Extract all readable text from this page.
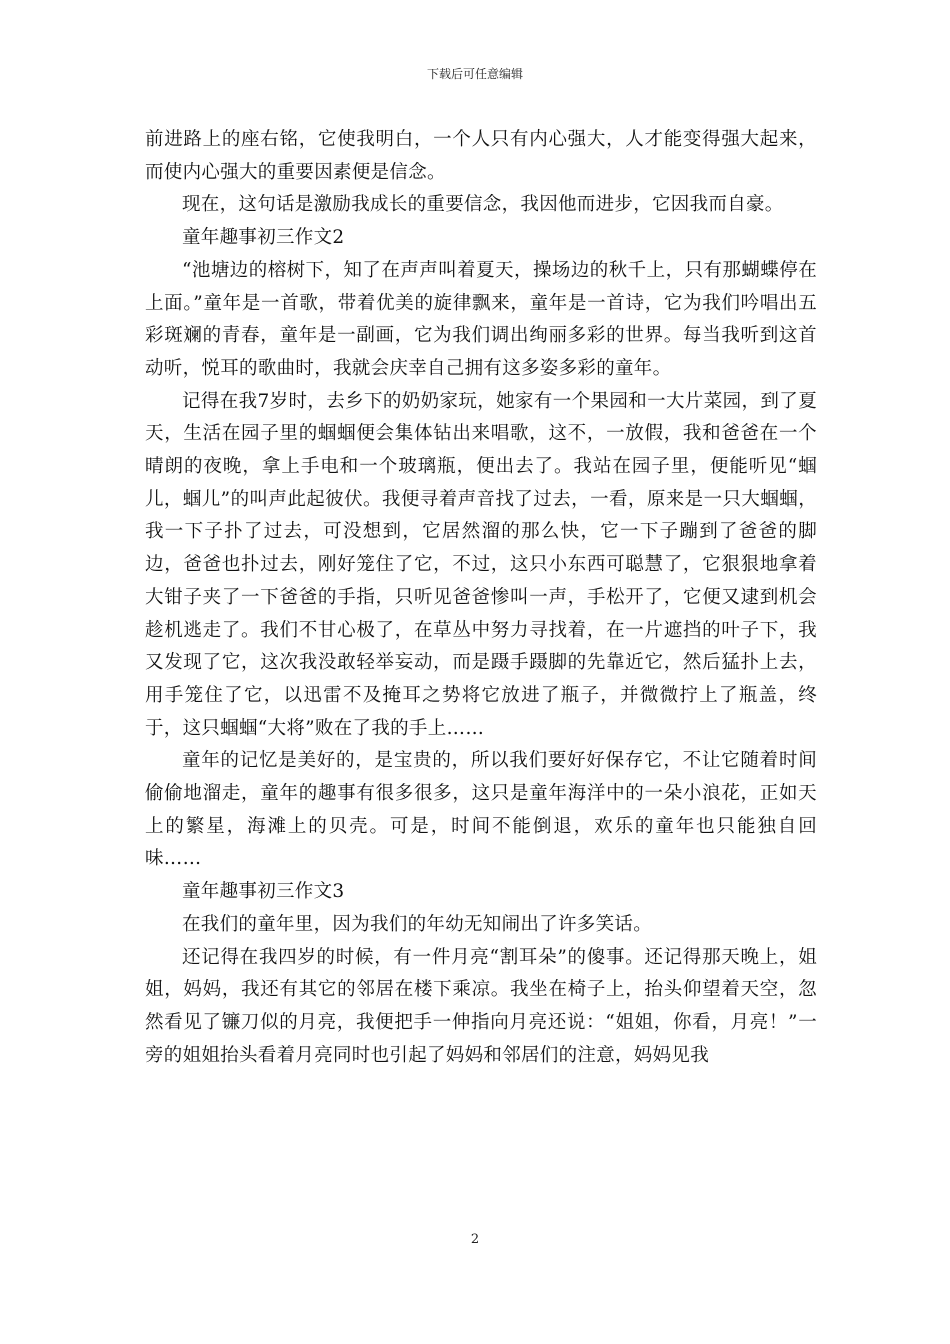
下载后可任意编辑

前进路上的座右铭，它使我明白，一个人只有内心强大，人才能变得强大起来，而使内心强大的重要因素便是信念。

现在，这句话是激励我成长的重要信念，我因他而进步，它因我而自豪。

童年趣事初三作文2

“池塘边的榕树下，知了在声声叫着夏天，操场边的秋千上，只有那蝴蝶停在上面。”童年是一首歌，带着优美的旋律飘来，童年是一首诗，它为我们吟唱出五彩斑斓的青春，童年是一副画，它为我们调出绚丽多彩的世界。每当我听到这首动听，悦耳的歌曲时，我就会庆幸自己拥有这多姿多彩的童年。

记得在我7岁时，去乡下的奶奶家玩，她家有一个果园和一大片菜园，到了夏天，生活在园子里的蝈蝈便会集体钻出来唱歌，这不，一放假，我和爸爸在一个晴朗的夜晚，拿上手电和一个玻璃瓶，便出去了。我站在园子里，便能听见“蝈儿，蝈儿”的叫声此起彼伏。我便寻着声音找了过去，一看，原来是一只大蝈蝈，我一下子扑了过去，可没想到，它居然溜的那么快，它一下子蹦到了爸爸的脚边，爸爸也扑过去，刚好笼住了它，不过，这只小东西可聪慧了，它狠狠地拿着大钳子夹了一下爸爸的手指，只听见爸爸惨叫一声，手松开了，它便又逮到机会趁机逃走了。我们不甘心极了，在草丛中努力寻找着，在一片遮挡的叶子下，我又发现了它，这次我没敢轻举妄动，而是蹑手蹑脚的先靠近它，然后猛扑上去，用手笼住了它，以迅雷不及掩耳之势将它放进了瓶子，并微微拧上了瓶盖，终于，这只蝈蝈“大将”败在了我的手上……

童年的记忆是美好的，是宝贵的，所以我们要好好保存它，不让它随着时间偷偷地溜走，童年的趣事有很多很多，这只是童年海洋中的一朵小浪花，正如天上的繁星，海滩上的贝壳。可是，时间不能倒退，欢乐的童年也只能独自回味……

童年趣事初三作文3

在我们的童年里，因为我们的年幼无知闹出了许多笑话。

还记得在我四岁的时候，有一件月亮“割耳朵”的傻事。还记得那天晚上，姐姐，妈妈，我还有其它的邻居在楼下乘凉。我坐在椅子上，抬头仰望着天空，忽然看见了镰刀似的月亮，我便把手一伸指向月亮还说：“姐姐，你看，月亮！”一旁的姐姐抬头看着月亮同时也引起了妈妈和邻居们的注意，妈妈见我

2
